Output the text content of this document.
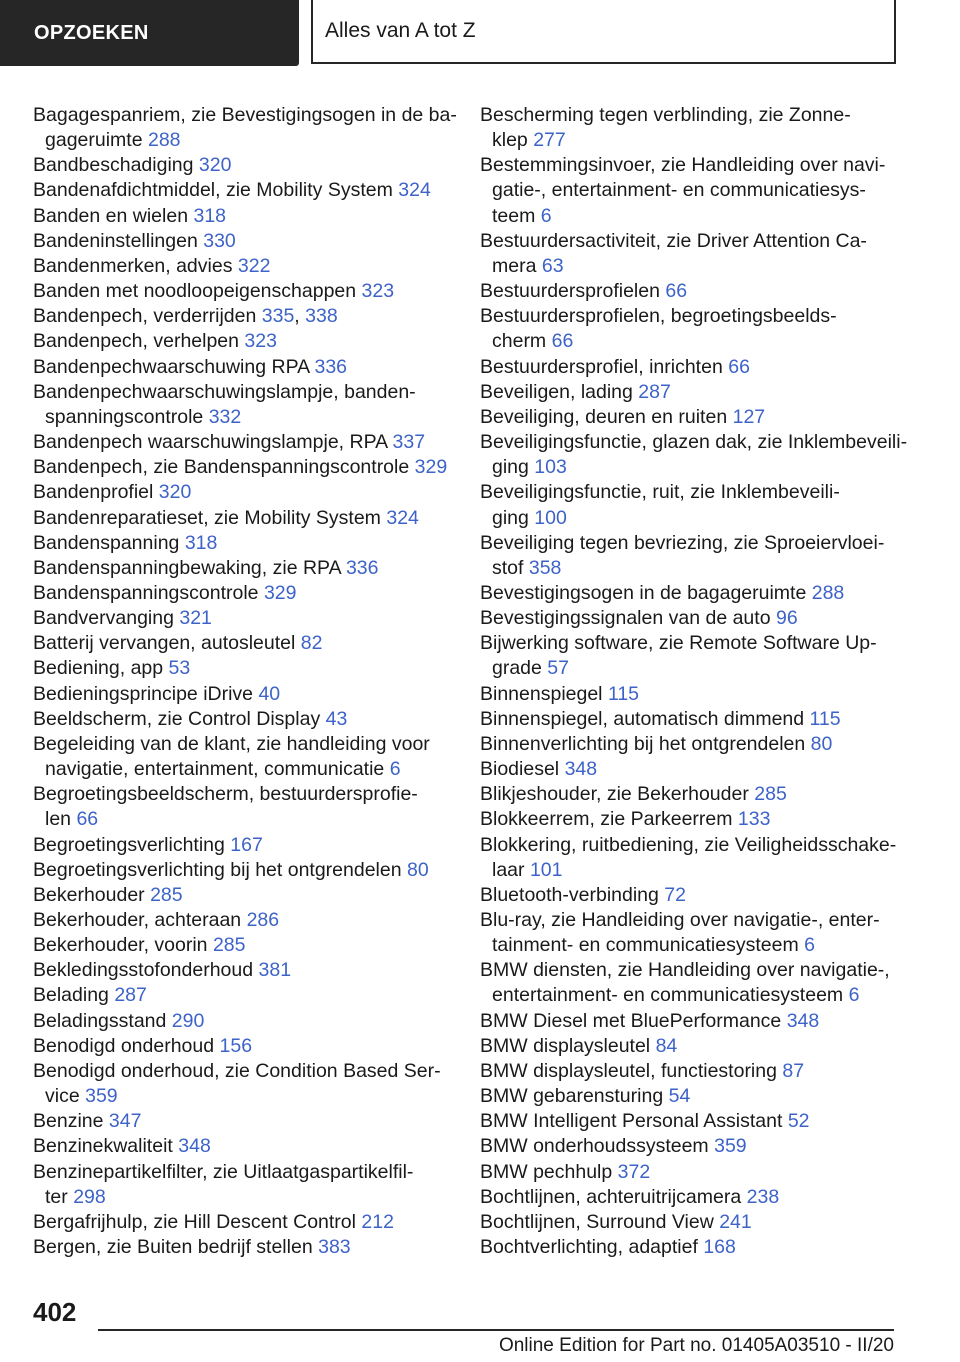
OPZOEKEN	Alles van A tot Z
Bagagespanriem, zie Bevestigingsogen in de ba-
gageruimte 288
Bandbeschadiging 320
Bandenafdichtmiddel, zie Mobility System 324
Banden en wielen 318
Bandeninstellingen 330
Bandenmerken, advies 322
Banden met noodloopeigenschappen 323
Bandenpech, verderrijden 335, 338
Bandenpech, verhelpen 323
Bandenpechwaarschuwing RPA 336
Bandenpechwaarschuwingslampje, banden-
spanningscontrole 332
Bandenpech waarschuwingslampje, RPA 337
Bandenpech, zie Bandenspanningscontrole 329
Bandenprofiel 320
Bandenreparatieset, zie Mobility System 324
Bandenspanning 318
Bandenspanningbewaking, zie RPA 336
Bandenspanningscontrole 329
Bandvervanging 321
Batterij vervangen, autosleutel 82
Bediening, app 53
Bedieningsprincipe iDrive 40
Beeldscherm, zie Control Display 43
Begeleiding van de klant, zie handleiding voor
navigatie, entertainment, communicatie 6
Begroetingsbeeldscherm, bestuurdersprofie-
len 66
Begroetingsverlichting 167
Begroetingsverlichting bij het ontgrendelen 80
Bekerhouder 285
Bekerhouder, achteraan 286
Bekerhouder, voorin 285
Bekledingsstofonderhoud 381
Belading 287
Beladingsstand 290
Benodigd onderhoud 156
Benodigd onderhoud, zie Condition Based Ser-
vice 359
Benzine 347
Benzinekwaliteit 348
Benzinepartikelfilter, zie Uitlaatgaspartikelfil-
ter 298
Bergafrijhulp, zie Hill Descent Control 212
Bergen, zie Buiten bedrijf stellen 383
Bescherming tegen verblinding, zie Zonne-
klep 277
Bestemmingsinvoer, zie Handleiding over navi-
gatie-, entertainment- en communicatiesys-
teem 6
Bestuurdersactiviteit, zie Driver Attention Ca-
mera 63
Bestuurdersprofielen 66
Bestuurdersprofielen, begroetingsbeelds-
cherm 66
Bestuurdersprofiel, inrichten 66
Beveiligen, lading 287
Beveiliging, deuren en ruiten 127
Beveiligingsfunctie, glazen dak, zie Inklembeveili-
ging 103
Beveiligingsfunctie, ruit, zie Inklembeveili-
ging 100
Beveiliging tegen bevriezing, zie Sproeiervloei-
stof 358
Bevestigingsogen in de bagageruimte 288
Bevestigingssignalen van de auto 96
Bijwerking software, zie Remote Software Up-
grade 57
Binnenspiegel 115
Binnenspiegel, automatisch dimmend 115
Binnenverlichting bij het ontgrendelen 80
Biodiesel 348
Blikjeshouder, zie Bekerhouder 285
Blokkeerrem, zie Parkeerrem 133
Blokkering, ruitbediening, zie Veiligheidsschake-
laar 101
Bluetooth-verbinding 72
Blu-ray, zie Handleiding over navigatie-, enter-
tainment- en communicatiesysteem 6
BMW diensten, zie Handleiding over navigatie-,
entertainment- en communicatiesysteem 6
BMW Diesel met BluePerformance 348
BMW displaysleutel 84
BMW displaysleutel, functiestoring 87
BMW gebarensturing 54
BMW Intelligent Personal Assistant 52
BMW onderhoudssysteem 359
BMW pechhulp 372
Bochtlijnen, achteruitrijcamera 238
Bochtlijnen, Surround View 241
Bochtverlichting, adaptief 168
402
Online Edition for Part no. 01405A03510 - II/20
